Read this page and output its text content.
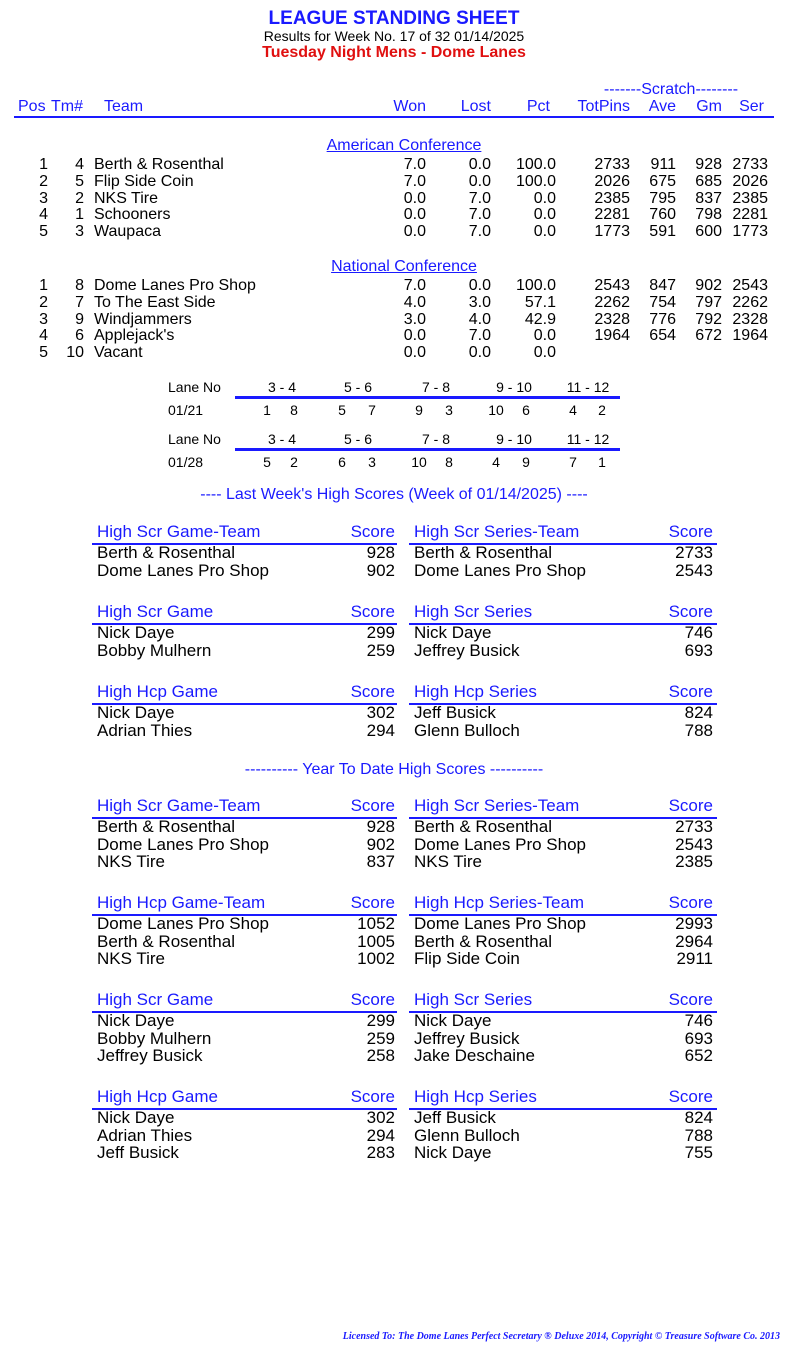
LEAGUE STANDING SHEET
Results for Week No. 17 of 32 01/14/2025
Tuesday Night Mens - Dome Lanes
-------Scratch--------
Pos Tm# Team	Won	Lost	Pct	TotPins	Ave	Gm	Ser
American Conference
1	4 Berth & Rosenthal	7.0	0.0	100.0	2733	911	928 2733
2	5 Flip Side Coin	7.0	0.0	100.0	2026	675	685 2026
3	2 NKS Tire	0.0	7.0	0.0	2385	795	837 2385
4	1 Schooners	0.0	7.0	0.0	2281	760	798 2281
5	3 Waupaca	0.0	7.0	0.0	1773	591	600 1773
National Conference
1	8 Dome Lanes Pro Shop	7.0	0.0	100.0	2543	847	902 2543
2	7 To The East Side	4.0	3.0	57.1	2262	754	797 2262
3	9 Windjammers	3.0	4.0	42.9	2328	776	792 2328
4	6 Applejack's	0.0	7.0	0.0	1964	654	672 1964
5	10 Vacant	0.0	0.0	0.0
Lane No	3 - 4	5 - 6	7 - 8	9 - 10	11 - 12
01/21	1	8	5	7	9	3	10	6	4	2
Lane No	3 - 4	5 - 6	7 - 8	9 - 10	11 - 12
01/28	5	2	6	3	10	8	4	9	7	1
---- Last Week's High Scores (Week of 01/14/2025) ----
High Scr Game-Team	Score
Berth & Rosenthal	928
Dome Lanes Pro Shop	902
High Scr Series-Team	Score
Berth & Rosenthal	2733
Dome Lanes Pro Shop	2543
High Scr Game	Score
Nick Daye	299
Bobby Mulhern	259
High Scr Series	Score
Nick Daye	746
Jeffrey Busick	693
High Hcp Game	Score
Nick Daye	302
Adrian Thies	294
High Hcp Series	Score
Jeff Busick	824
Glenn Bulloch	788
---------- Year To Date High Scores ----------
High Scr Game-Team	Score
Berth & Rosenthal	928
Dome Lanes Pro Shop	902
NKS Tire	837
High Scr Series-Team	Score
Berth & Rosenthal	2733
Dome Lanes Pro Shop	2543
NKS Tire	2385
High Hcp Game-Team	Score
Dome Lanes Pro Shop	1052
Berth & Rosenthal	1005
NKS Tire	1002
High Hcp Series-Team	Score
Dome Lanes Pro Shop	2993
Berth & Rosenthal	2964
Flip Side Coin	2911
High Scr Game	Score
Nick Daye	299
Bobby Mulhern	259
Jeffrey Busick	258
High Scr Series	Score
Nick Daye	746
Jeffrey Busick	693
Jake Deschaine	652
High Hcp Game	Score
Nick Daye	302
Adrian Thies	294
Jeff Busick	283
High Hcp Series	Score
Jeff Busick	824
Glenn Bulloch	788
Nick Daye	755
Licensed To: The Dome Lanes Perfect Secretary ® Deluxe 2014, Copyright © Treasure Software Co. 2013
